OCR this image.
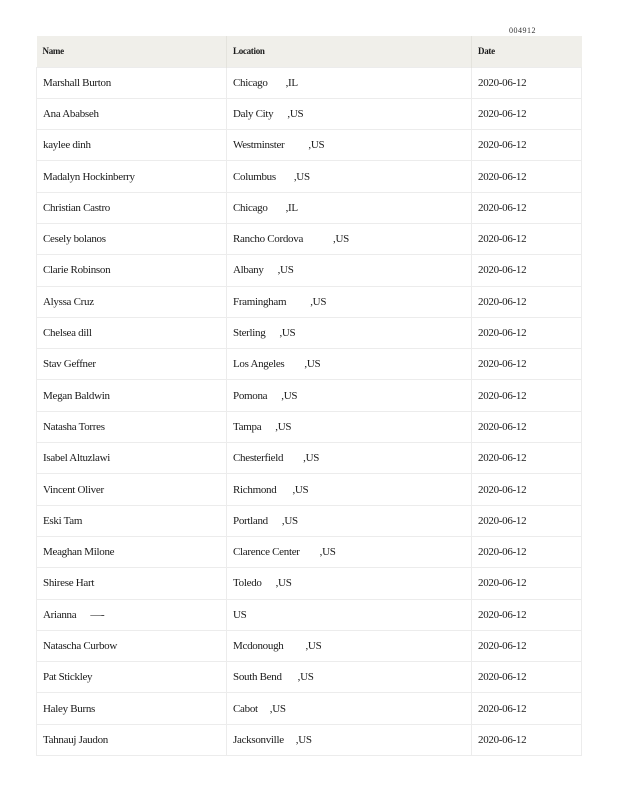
004912
Name	Location	Date
Marshall Burton	Chicago ,IL	2020-06-12
Ana Ababseh	Daly City ,US	2020-06-12
kaylee dinh	Westminster ,US	2020-06-12
Madalyn Hockinberry	Columbus ,US	2020-06-12
Christian Castro	Chicago ,IL	2020-06-12
Cesely bolanos	Rancho Cordova ,US	2020-06-12
Clarie Robinson	Albany ,US	2020-06-12
Alyssa Cruz	Framingham ,US	2020-06-12
Chelsea dill	Sterling ,US	2020-06-12
Stav Geffner	Los Angeles ,US	2020-06-12
Megan Baldwin	Pomona ,US	2020-06-12
Natasha Torres	Tampa ,US	2020-06-12
Isabel Altuzlawi	Chesterfield ,US	2020-06-12
Vincent Oliver	Richmond ,US	2020-06-12
Eski Tam	Portland ,US	2020-06-12
Meaghan Milone	Clarence Center ,US	2020-06-12
Shirese Hart	Toledo ,US	2020-06-12
Arianna —-	US	2020-06-12
Natascha Curbow	Mcdonough ,US	2020-06-12
Pat Stickley	South Bend ,US	2020-06-12
Haley Burns	Cabot ,US	2020-06-12
Tahnauj Jaudon	Jacksonville ,US	2020-06-12
